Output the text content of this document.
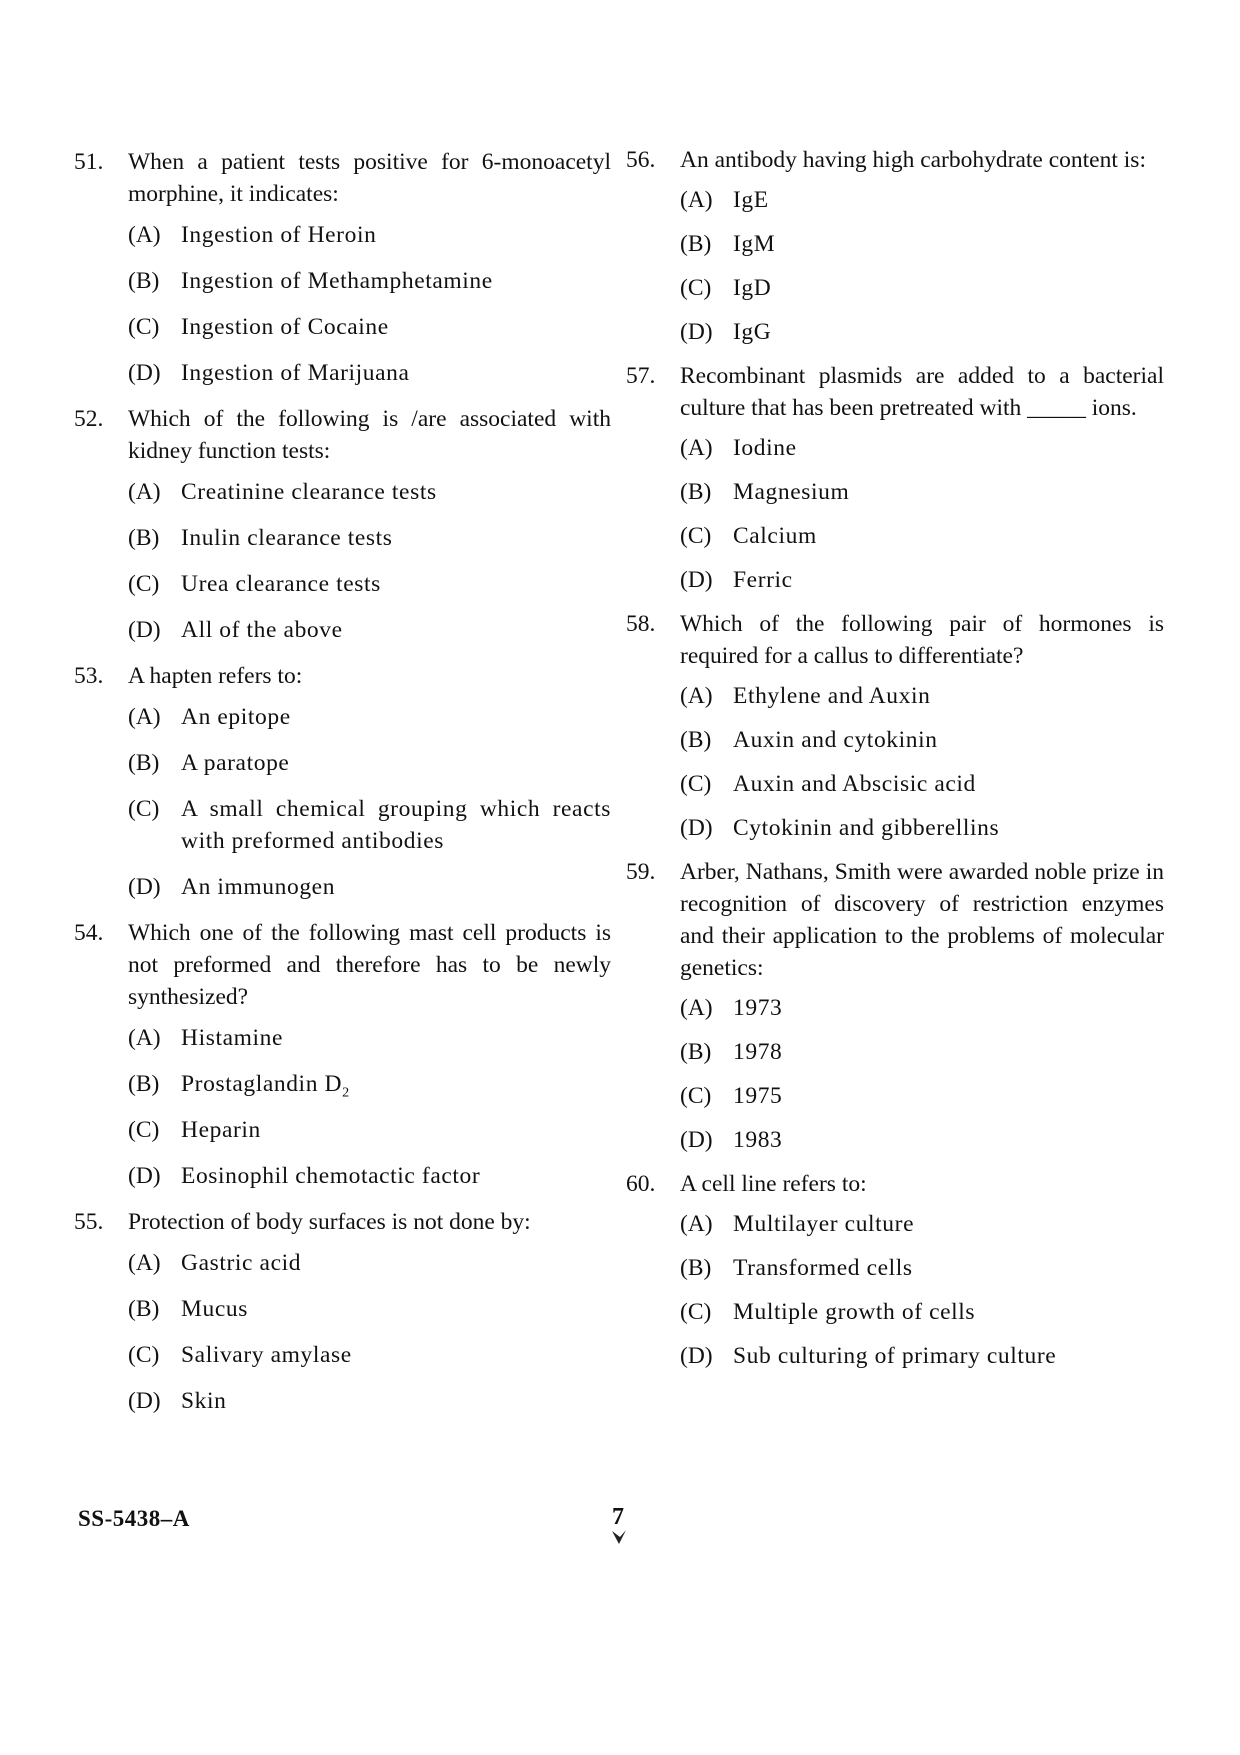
51.	When a patient tests positive for 6-monoacetyl morphine, it indicates:
(A) Ingestion of Heroin
(B) Ingestion of Methamphetamine
(C) Ingestion of Cocaine
(D) Ingestion of Marijuana
52.	Which of the following is /are associated with kidney function tests:
(A) Creatinine clearance tests
(B) Inulin clearance tests
(C) Urea clearance tests
(D) All of the above
53.	A hapten refers to:
(A) An epitope
(B) A paratope
(C) A small chemical grouping which reacts with preformed antibodies
(D) An immunogen
54.	Which one of the following mast cell products is not preformed and therefore has to be newly synthesized?
(A) Histamine
(B) Prostaglandin $D_2$
(C) Heparin
(D) Eosinophil chemotactic factor
55.	Protection of body surfaces is not done by:
(A) Gastric acid
(B) Mucus
(C) Salivary amylase
(D) Skin
56.	An antibody having high carbohydrate content is:
(A) IgE
(B) IgM
(C) IgD
(D) IgG
57.	Recombinant plasmids are added to a bacterial culture that has been pretreated with _____ ions.
(A) Iodine
(B) Magnesium
(C) Calcium
(D) Ferric
58.	Which of the following pair of hormones is required for a callus to differentiate?
(A) Ethylene and Auxin
(B) Auxin and cytokinin
(C) Auxin and Abscisic acid
(D) Cytokinin and gibberellins
59.	Arber, Nathans, Smith were awarded noble prize in recognition of discovery of restriction enzymes and their application to the problems of molecular genetics:
(A) 1973
(B) 1978
(C) 1975
(D) 1983
60.	A cell line refers to:
(A) Multilayer culture
(B) Transformed cells
(C) Multiple growth of cells
(D) Sub culturing of primary culture
SS-5438–A	7
